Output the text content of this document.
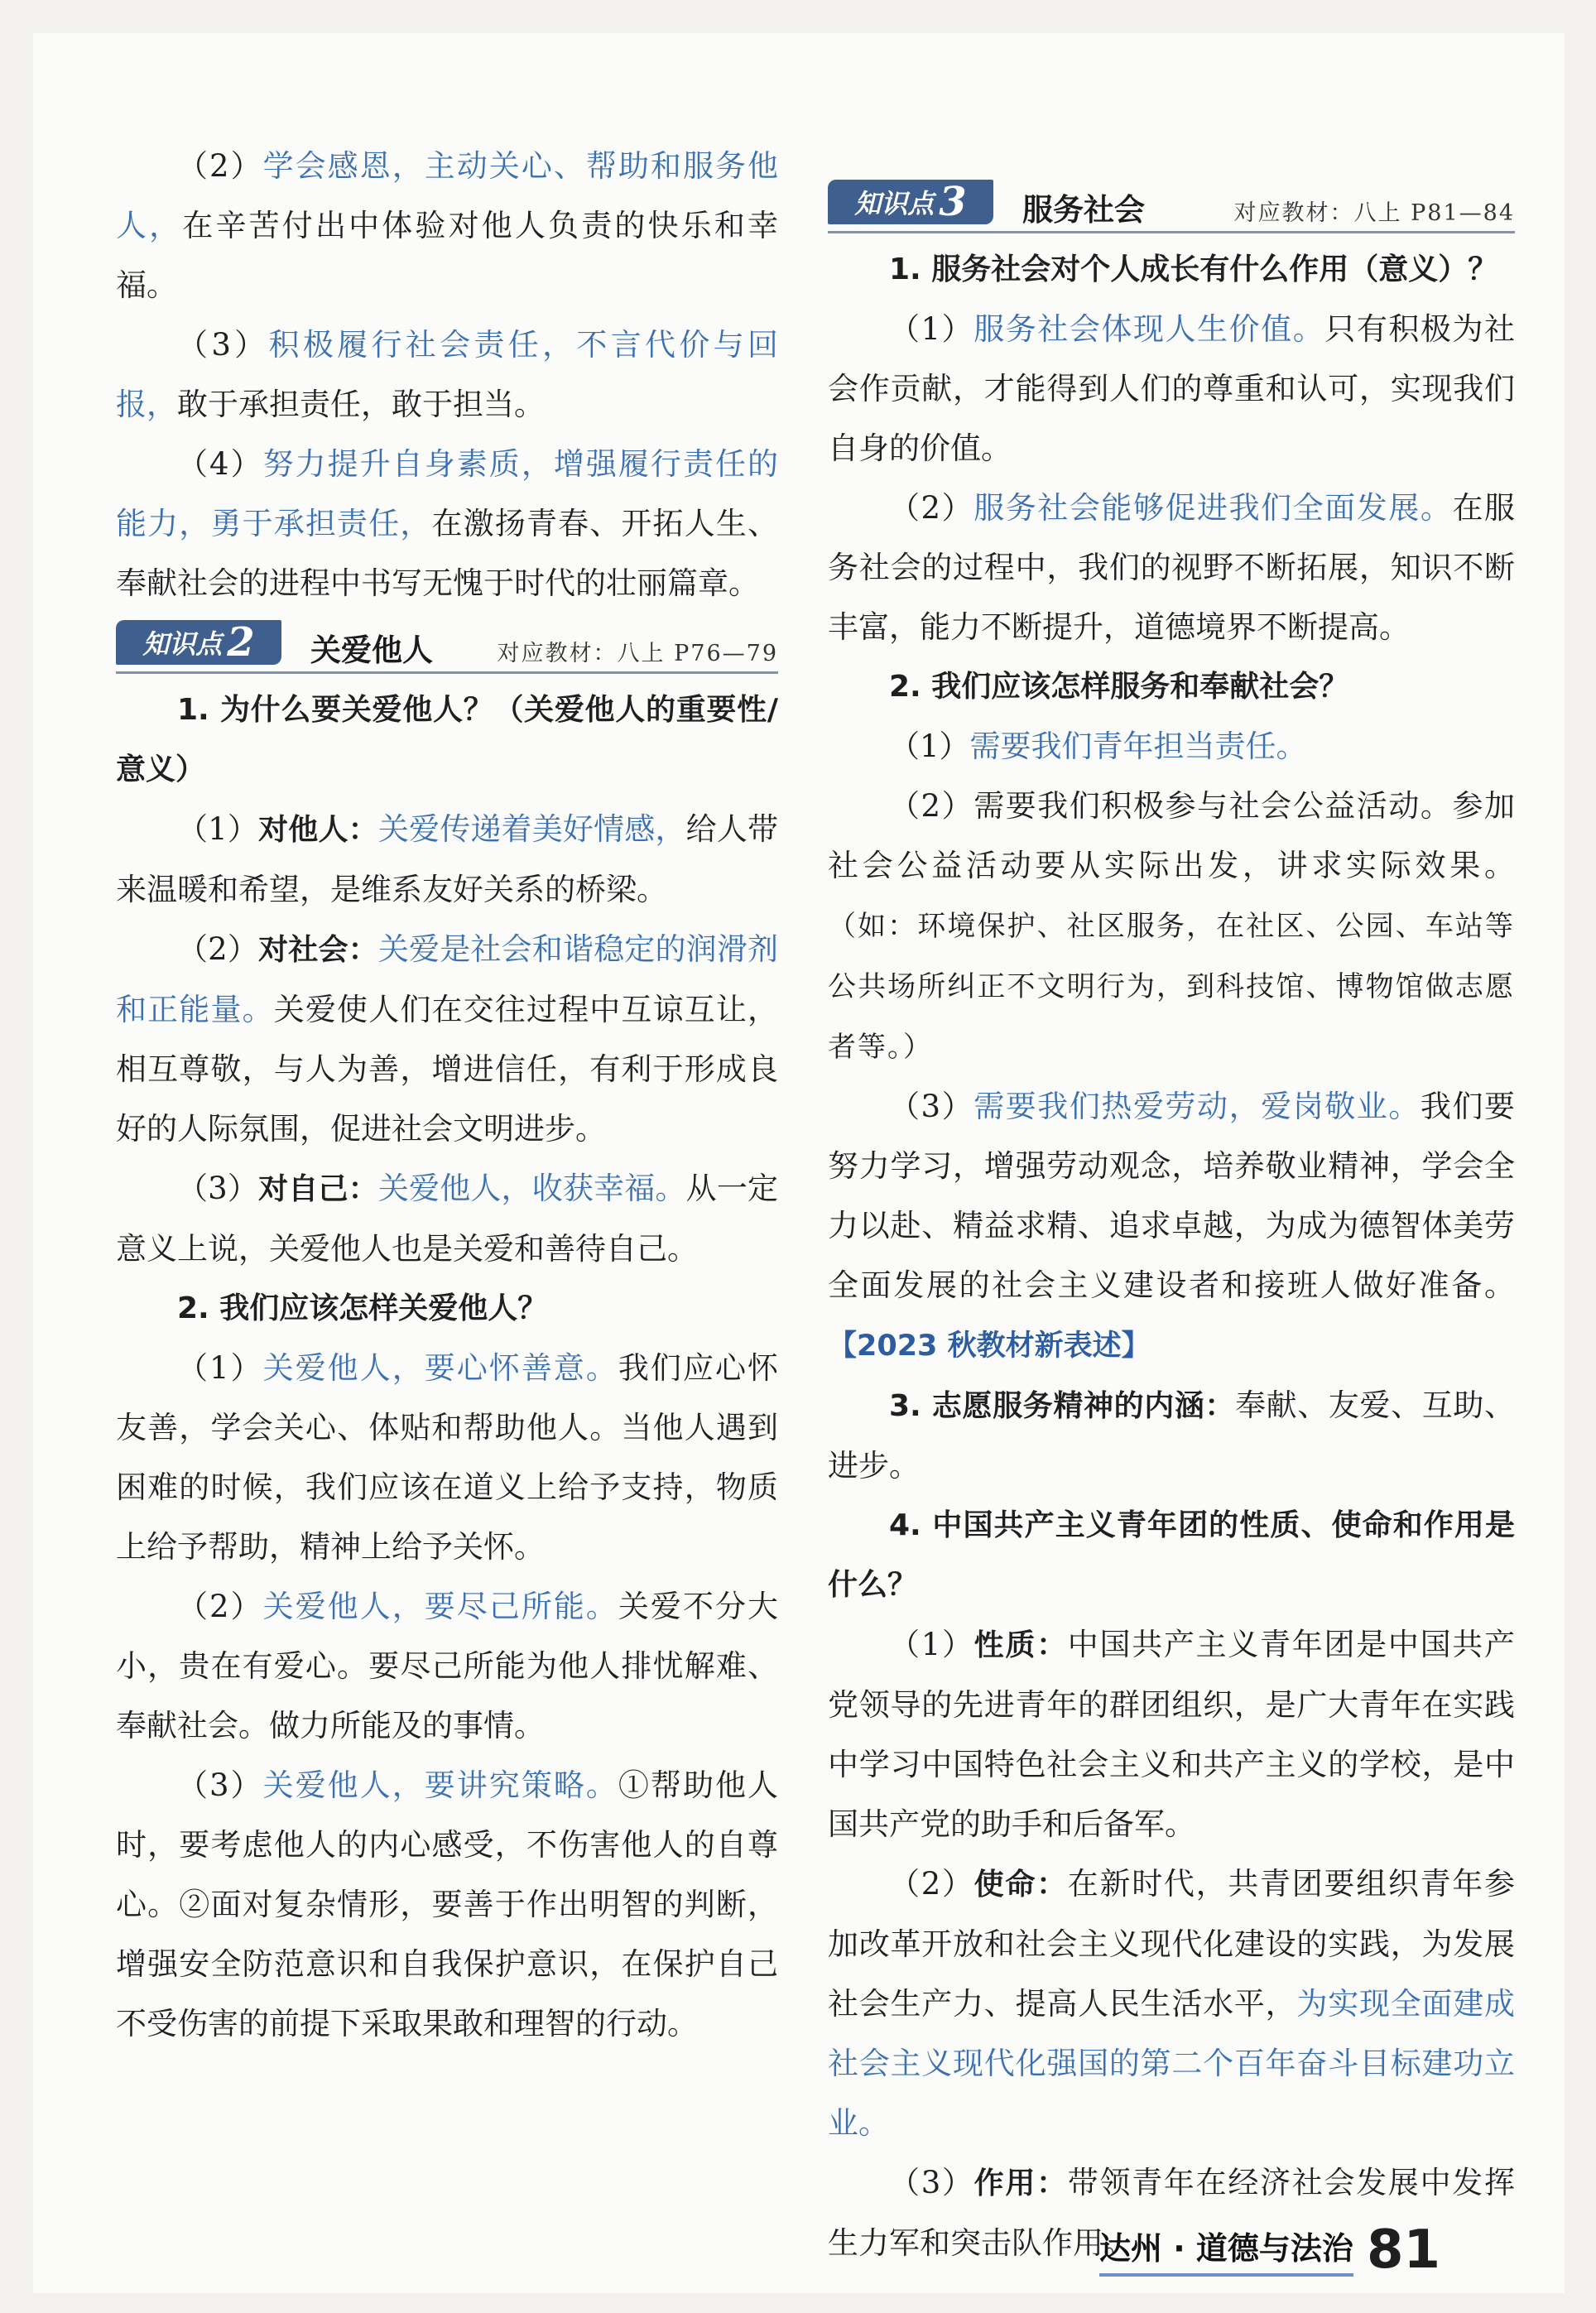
（2）学会感恩，主动关心、帮助和服务他人，在辛苦付出中体验对他人负责的快乐和幸福。

（3）积极履行社会责任，不言代价与回报，敢于承担责任，敢于担当。

（4）努力提升自身素质，增强履行责任的能力，勇于承担责任，在激扬青春、开拓人生、奉献社会的进程中书写无愧于时代的壮丽篇章。

知识点 2 关爱他人	对应教材：八上 P76—79

1. 为什么要关爱他人？（关爱他人的重要性/意义）

（1）对他人：关爱传递着美好情感，给人带来温暖和希望，是维系友好关系的桥梁。

（2）对社会：关爱是社会和谐稳定的润滑剂和正能量。关爱使人们在交往过程中互谅互让，相互尊敬，与人为善，增进信任，有利于形成良好的人际氛围，促进社会文明进步。

（3）对自己：关爱他人，收获幸福。从一定意义上说，关爱他人也是关爱和善待自己。

2. 我们应该怎样关爱他人？

（1）关爱他人，要心怀善意。我们应心怀友善，学会关心、体贴和帮助他人。当他人遇到困难的时候，我们应该在道义上给予支持，物质上给予帮助，精神上给予关怀。

（2）关爱他人，要尽己所能。关爱不分大小，贵在有爱心。要尽己所能为他人排忧解难、奉献社会。做力所能及的事情。

（3）关爱他人，要讲究策略。①帮助他人时，要考虑他人的内心感受，不伤害他人的自尊心。②面对复杂情形，要善于作出明智的判断，增强安全防范意识和自我保护意识，在保护自己不受伤害的前提下采取果敢和理智的行动。

知识点 3 服务社会	对应教材：八上 P81—84

1. 服务社会对个人成长有什么作用（意义）？

（1）服务社会体现人生价值。只有积极为社会作贡献，才能得到人们的尊重和认可，实现我们自身的价值。

（2）服务社会能够促进我们全面发展。在服务社会的过程中，我们的视野不断拓展，知识不断丰富，能力不断提升，道德境界不断提高。

2. 我们应该怎样服务和奉献社会？

（1）需要我们青年担当责任。

（2）需要我们积极参与社会公益活动。参加社会公益活动要从实际出发，讲求实际效果。（如：环境保护、社区服务，在社区、公园、车站等公共场所纠正不文明行为，到科技馆、博物馆做志愿者等。）

（3）需要我们热爱劳动，爱岗敬业。我们要努力学习，增强劳动观念，培养敬业精神，学会全力以赴、精益求精、追求卓越，为成为德智体美劳全面发展的社会主义建设者和接班人做好准备。【2023 秋教材新表述】

3. 志愿服务精神的内涵：奉献、友爱、互助、进步。

4. 中国共产主义青年团的性质、使命和作用是什么？

（1）性质：中国共产主义青年团是中国共产党领导的先进青年的群团组织，是广大青年在实践中学习中国特色社会主义和共产主义的学校，是中国共产党的助手和后备军。

（2）使命：在新时代，共青团要组织青年参加改革开放和社会主义现代化建设的实践，为发展社会生产力、提高人民生活水平，为实现全面建成社会主义现代化强国的第二个百年奋斗目标建功立业。

（3）作用：带领青年在经济社会发展中发挥生力军和突击队作用。

达州 · 道德与法治 81
